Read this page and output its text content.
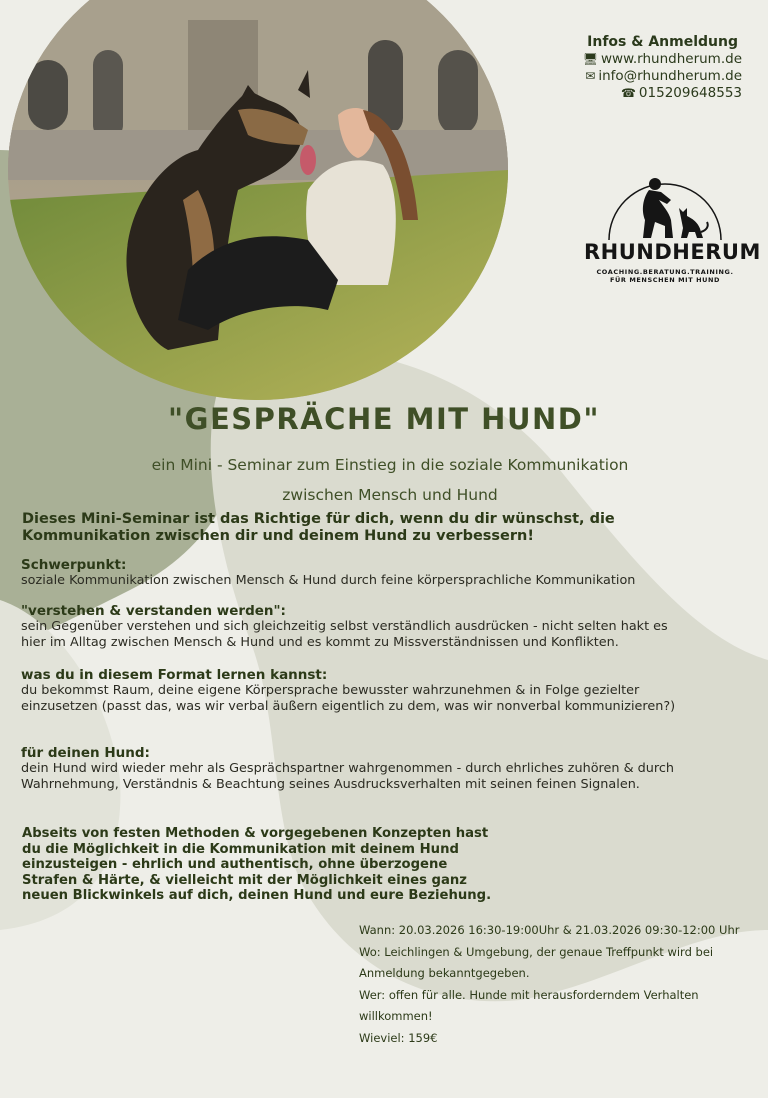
Infos & Anmeldung
🖥 www.rhundherum.de
✉ info@rhundherum.de
☎ 015209648553
RHUNDHERUM
COACHING.BERATUNG.TRAINING.
FÜR MENSCHEN MIT HUND
"GESPRÄCHE MIT HUND"
ein Mini - Seminar zum Einstieg in die soziale Kommunikation
zwischen Mensch und Hund
Dieses Mini-Seminar ist das Richtige für dich, wenn du dir wünschst, die Kommunikation zwischen dir und deinem Hund zu verbessern!
Schwerpunkt:
soziale Kommunikation zwischen Mensch & Hund durch feine körpersprachliche Kommunikation
"verstehen & verstanden werden":
sein Gegenüber verstehen und sich gleichzeitig selbst verständlich ausdrücken - nicht selten hakt es hier im Alltag zwischen Mensch & Hund und es kommt zu Missverständnissen und Konflikten.
was du in diesem Format lernen kannst:
du bekommst Raum, deine eigene Körpersprache bewusster wahrzunehmen & in Folge gezielter einzusetzen (passt das, was wir verbal äußern eigentlich zu dem, was wir nonverbal kommunizieren?)
für deinen Hund:
dein Hund wird wieder mehr als Gesprächspartner wahrgenommen - durch ehrliches zuhören & durch Wahrnehmung, Verständnis & Beachtung seines Ausdrucksverhalten mit seinen feinen Signalen.
Abseits von festen Methoden & vorgegebenen Konzepten hast du die Möglichkeit in die Kommunikation mit deinem Hund einzusteigen - ehrlich und authentisch, ohne überzogene Strafen & Härte, & vielleicht mit der Möglichkeit eines ganz neuen Blickwinkels auf dich, deinen Hund und eure Beziehung.
Wann: 20.03.2026 16:30-19:00Uhr & 21.03.2026 09:30-12:00 Uhr
Wo: Leichlingen & Umgebung, der genaue Treffpunkt wird bei Anmeldung bekanntgegeben.
Wer: offen für alle. Hunde mit herausforderndem Verhalten willkommen!
Wieviel: 159€
